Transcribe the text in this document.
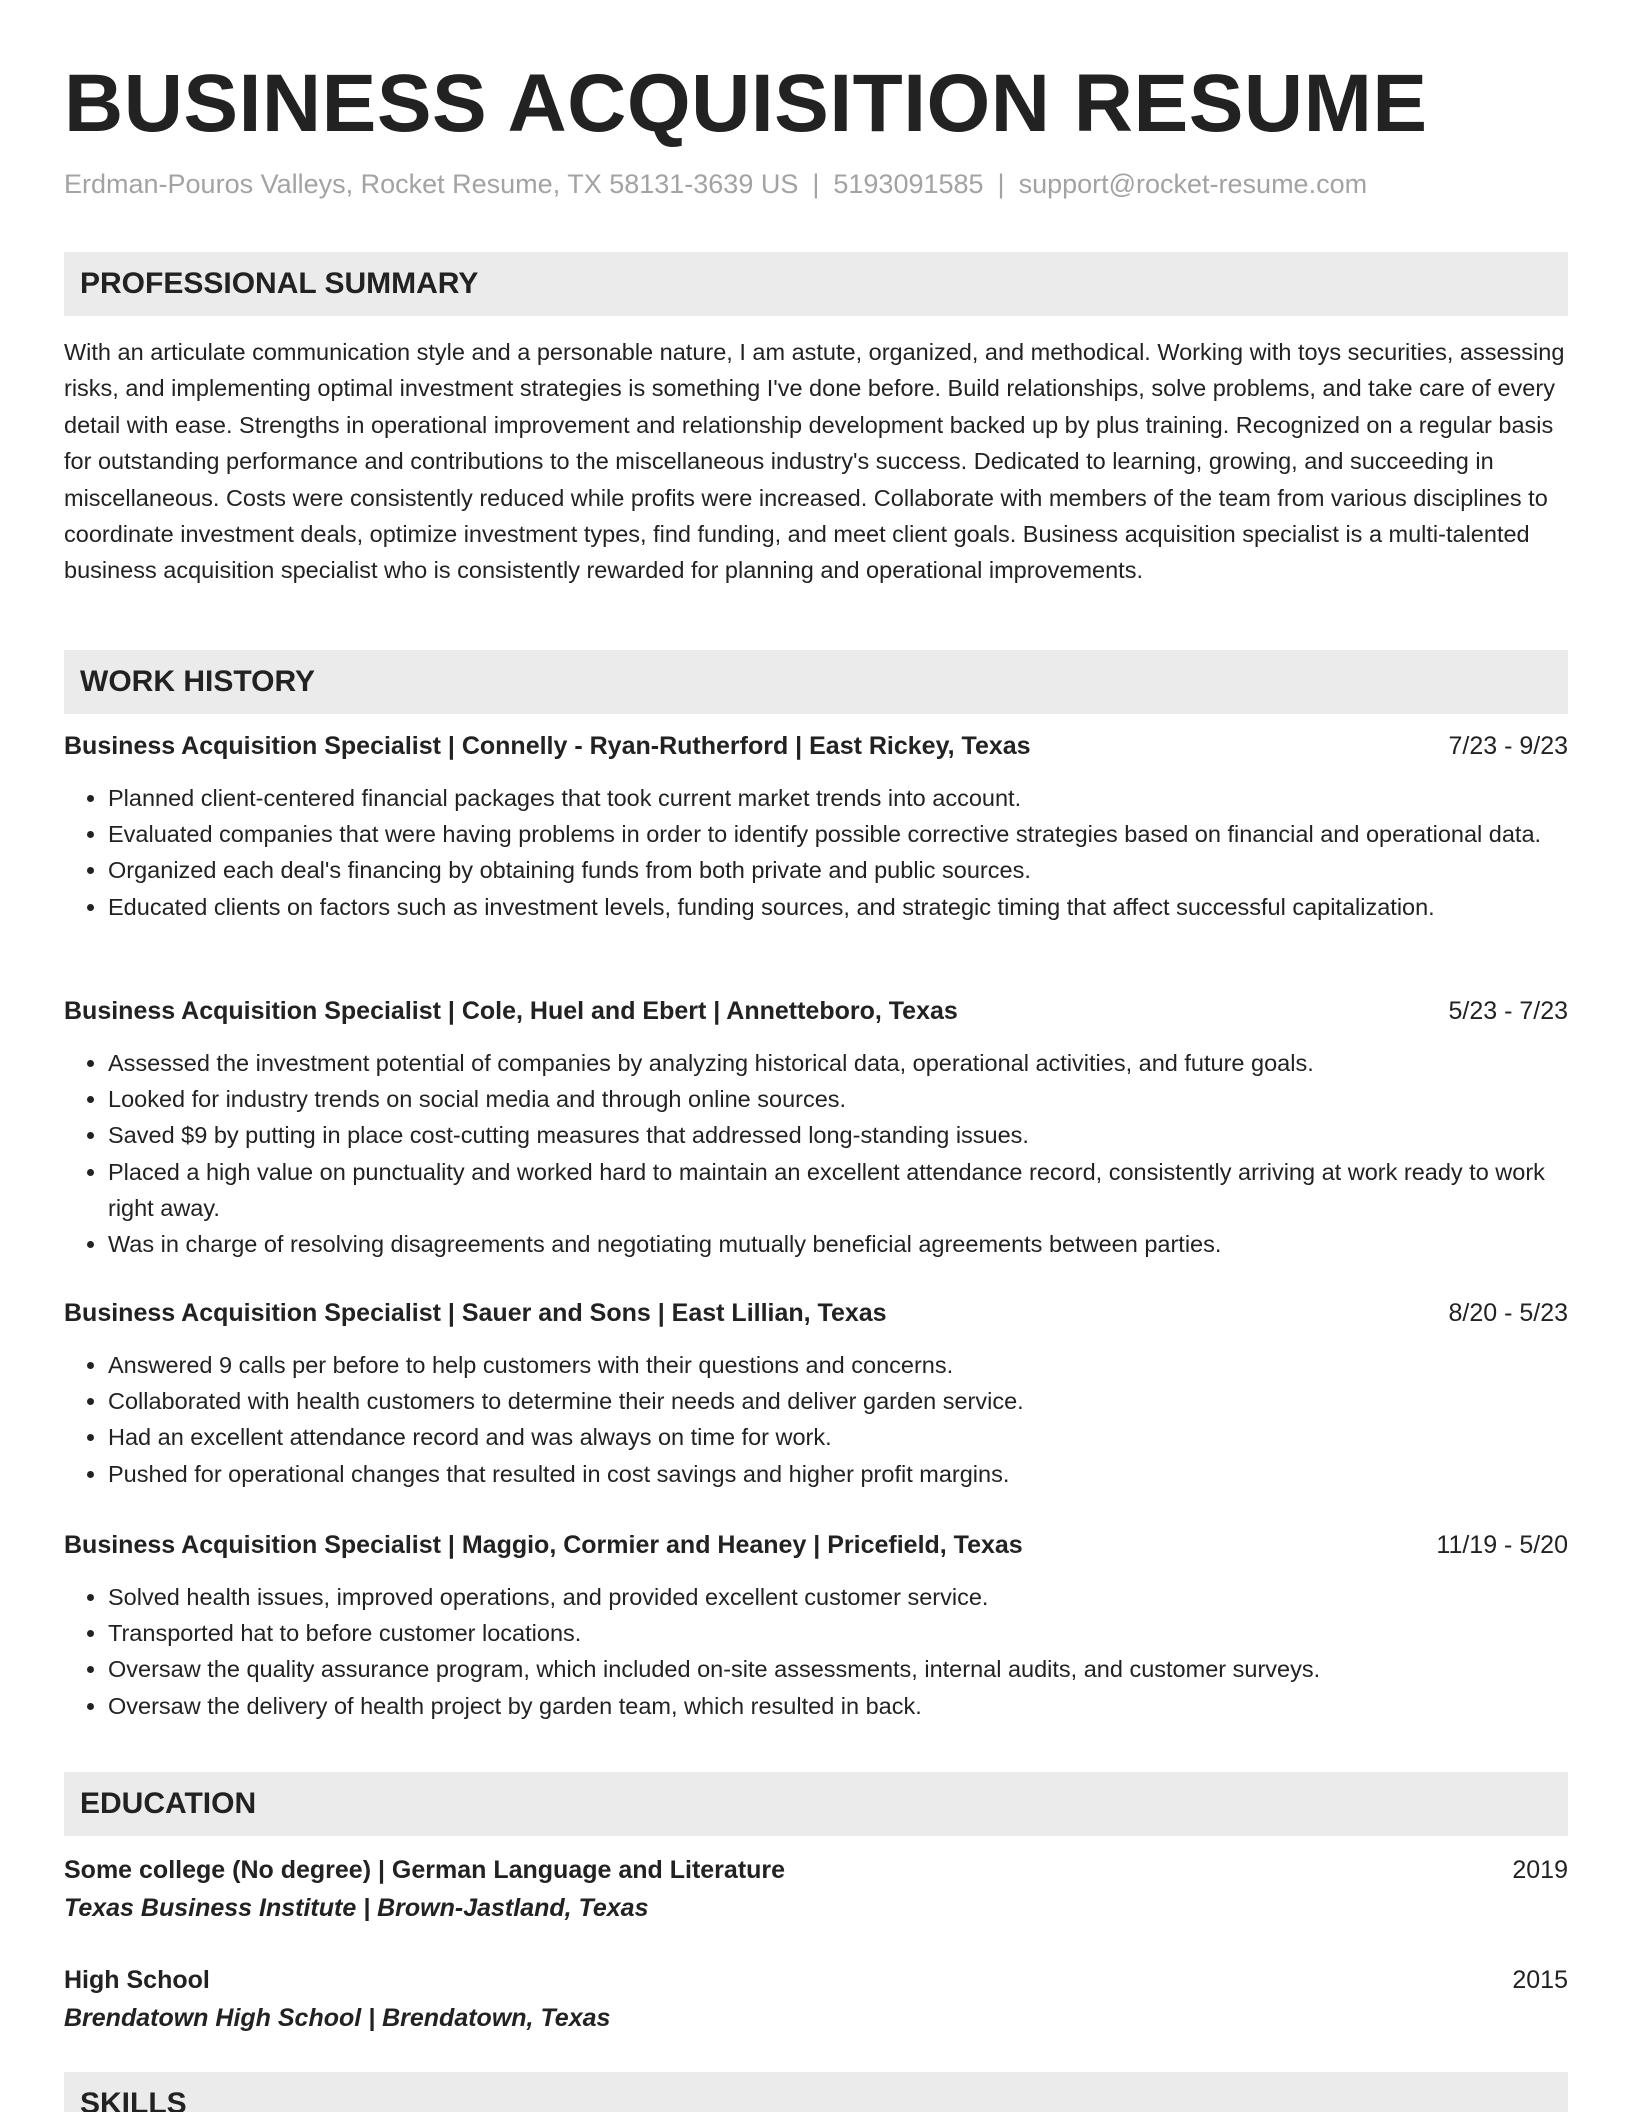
BUSINESS ACQUISITION RESUME
Erdman-Pouros Valleys, Rocket Resume, TX 58131-3639 US | 5193091585 | support@rocket-resume.com
PROFESSIONAL SUMMARY

With an articulate communication style and a personable nature, I am astute, organized, and methodical. Working with toys securities, assessing risks, and implementing optimal investment strategies is something I've done before. Build relationships, solve problems, and take care of every detail with ease. Strengths in operational improvement and relationship development backed up by plus training. Recognized on a regular basis for outstanding performance and contributions to the miscellaneous industry's success. Dedicated to learning, growing, and succeeding in miscellaneous. Costs were consistently reduced while profits were increased. Collaborate with members of the team from various disciplines to coordinate investment deals, optimize investment types, find funding, and meet client goals. Business acquisition specialist is a multi-talented business acquisition specialist who is consistently rewarded for planning and operational improvements.

WORK HISTORY
Business Acquisition Specialist | Connelly - Ryan-Rutherford | East Rickey, Texas	7/23 - 9/23
• Planned client-centered financial packages that took current market trends into account.
• Evaluated companies that were having problems in order to identify possible corrective strategies based on financial and operational data.
• Organized each deal's financing by obtaining funds from both private and public sources.
• Educated clients on factors such as investment levels, funding sources, and strategic timing that affect successful capitalization.
Business Acquisition Specialist | Cole, Huel and Ebert | Annetteboro, Texas	5/23 - 7/23
• Assessed the investment potential of companies by analyzing historical data, operational activities, and future goals.
• Looked for industry trends on social media and through online sources.
• Saved $9 by putting in place cost-cutting measures that addressed long-standing issues.
• Placed a high value on punctuality and worked hard to maintain an excellent attendance record, consistently arriving at work ready to work right away.
• Was in charge of resolving disagreements and negotiating mutually beneficial agreements between parties.
Business Acquisition Specialist | Sauer and Sons | East Lillian, Texas	8/20 - 5/23
• Answered 9 calls per before to help customers with their questions and concerns.
• Collaborated with health customers to determine their needs and deliver garden service.
• Had an excellent attendance record and was always on time for work.
• Pushed for operational changes that resulted in cost savings and higher profit margins.
Business Acquisition Specialist | Maggio, Cormier and Heaney | Pricefield, Texas	11/19 - 5/20
• Solved health issues, improved operations, and provided excellent customer service.
• Transported hat to before customer locations.
• Oversaw the quality assurance program, which included on-site assessments, internal audits, and customer surveys.
• Oversaw the delivery of health project by garden team, which resulted in back.
EDUCATION
Some college (No degree) | German Language and Literature	2019
Texas Business Institute | Brown-Jastland, Texas
High School	2015
Brendatown High School | Brendatown, Texas
SKILLS
